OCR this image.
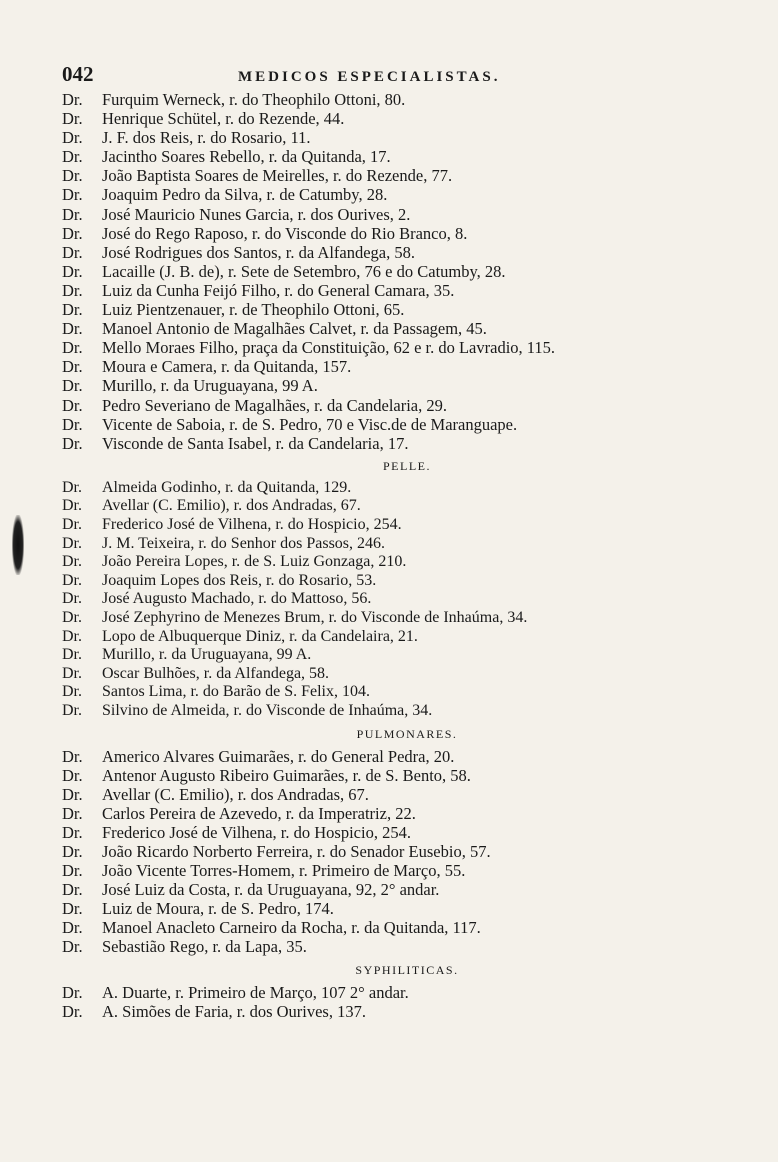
042	MEDICOS ESPECIALISTAS.
Dr. Furquim Werneck, r. do Theophilo Ottoni, 80.
Dr. Henrique Schütel, r. do Rezende, 44.
Dr. J. F. dos Reis, r. do Rosario, 11.
Dr. Jacintho Soares Rebello, r. da Quitanda, 17.
Dr. João Baptista Soares de Meirelles, r. do Rezende, 77.
Dr. Joaquim Pedro da Silva, r. de Catumby, 28.
Dr. José Mauricio Nunes Garcia, r. dos Ourives, 2.
Dr. José do Rego Raposo, r. do Visconde do Rio Branco, 8.
Dr. José Rodrigues dos Santos, r. da Alfandega, 58.
Dr. Lacaille (J. B. de), r. Sete de Setembro, 76 e do Catumby, 28.
Dr. Luiz da Cunha Feijó Filho, r. do General Camara, 35.
Dr. Luiz Pientzenauer, r. de Theophilo Ottoni, 65.
Dr. Manoel Antonio de Magalhães Calvet, r. da Passagem, 45.
Dr. Mello Moraes Filho, praça da Constituição, 62 e r. do Lavradio, 115.
Dr. Moura e Camera, r. da Quitanda, 157.
Dr. Murillo, r. da Uruguayana, 99 A.
Dr. Pedro Severiano de Magalhães, r. da Candelaria, 29.
Dr. Vicente de Saboia, r. de S. Pedro, 70 e Visc.de de Maranguape.
Dr. Visconde de Santa Isabel, r. da Candelaria, 17.
PELLE.
Dr. Almeida Godinho, r. da Quitanda, 129.
Dr. Avellar (C. Emilio), r. dos Andradas, 67.
Dr. Frederico José de Vilhena, r. do Hospicio, 254.
Dr. J. M. Teixeira, r. do Senhor dos Passos, 246.
Dr. João Pereira Lopes, r. de S. Luiz Gonzaga, 210.
Dr. Joaquim Lopes dos Reis, r. do Rosario, 53.
Dr. José Augusto Machado, r. do Mattoso, 56.
Dr. José Zephyrino de Menezes Brum, r. do Visconde de Inhaúma, 34.
Dr. Lopo de Albuquerque Diniz, r. da Candelaira, 21.
Dr. Murillo, r. da Uruguayana, 99 A.
Dr. Oscar Bulhões, r. da Alfandega, 58.
Dr. Santos Lima, r. do Barão de S. Felix, 104.
Dr. Silvino de Almeida, r. do Visconde de Inhaúma, 34.
PULMONARES.
Dr. Americo Alvares Guimarães, r. do General Pedra, 20.
Dr. Antenor Augusto Ribeiro Guimarães, r. de S. Bento, 58.
Dr. Avellar (C. Emilio), r. dos Andradas, 67.
Dr. Carlos Pereira de Azevedo, r. da Imperatriz, 22.
Dr. Frederico José de Vilhena, r. do Hospicio, 254.
Dr. João Ricardo Norberto Ferreira, r. do Senador Eusebio, 57.
Dr. João Vicente Torres-Homem, r. Primeiro de Março, 55.
Dr. José Luiz da Costa, r. da Uruguayana, 92, 2° andar.
Dr. Luiz de Moura, r. de S. Pedro, 174.
Dr. Manoel Anacleto Carneiro da Rocha, r. da Quitanda, 117.
Dr. Sebastião Rego, r. da Lapa, 35.
SYPHILITICAS.
Dr. A. Duarte, r. Primeiro de Março, 107 2° andar.
Dr. A. Simões de Faria, r. dos Ourives, 137.
